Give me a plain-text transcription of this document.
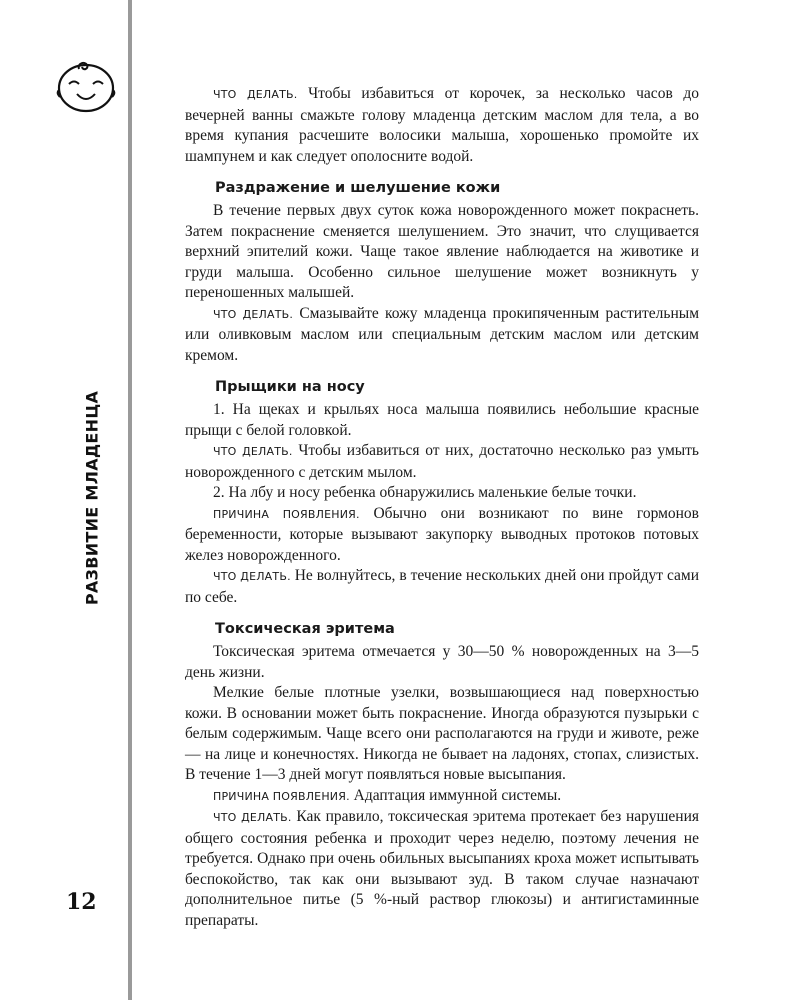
РАЗВИТИЕ МЛАДЕНЦА
12

ЧТО ДЕЛАТЬ. Чтобы избавиться от корочек, за несколько часов до вечерней ванны смажьте голову младенца детским маслом для тела, а во время купания расчешите волосики малыша, хорошенько промойте их шампунем и как следует ополосните водой.

Раздражение и шелушение кожи

В течение первых двух суток кожа новорожденного может покраснеть. Затем покраснение сменяется шелушением. Это значит, что слущивается верхний эпителий кожи. Чаще такое явление наблюдается на животике и груди малыша. Особенно сильное шелушение может возникнуть у переношенных малышей.

ЧТО ДЕЛАТЬ. Смазывайте кожу младенца прокипяченным растительным или оливковым маслом или специальным детским маслом или детским кремом.

Прыщики на носу

1. На щеках и крыльях носа малыша появились небольшие красные прыщи с белой головкой.

ЧТО ДЕЛАТЬ. Чтобы избавиться от них, достаточно несколько раз умыть новорожденного с детским мылом.

2. На лбу и носу ребенка обнаружились маленькие белые точки.

ПРИЧИНА ПОЯВЛЕНИЯ. Обычно они возникают по вине гормонов беременности, которые вызывают закупорку выводных протоков потовых желез новорожденного.

ЧТО ДЕЛАТЬ. Не волнуйтесь, в течение нескольких дней они пройдут сами по себе.

Токсическая эритема

Токсическая эритема отмечается у 30—50 % новорожденных на 3—5 день жизни.

Мелкие белые плотные узелки, возвышающиеся над поверхностью кожи. В основании может быть покраснение. Иногда образуются пузырьки с белым содержимым. Чаще всего они располагаются на груди и животе, реже — на лице и конечностях. Никогда не бывает на ладонях, стопах, слизистых. В течение 1—3 дней могут появляться новые высыпания.

ПРИЧИНА ПОЯВЛЕНИЯ. Адаптация иммунной системы.

ЧТО ДЕЛАТЬ. Как правило, токсическая эритема протекает без нарушения общего состояния ребенка и проходит через неделю, поэтому лечения не требуется. Однако при очень обильных высыпаниях кроха может испытывать беспокойство, так как они вызывают зуд. В таком случае назначают дополнительное питье (5 %-ный раствор глюкозы) и антигистаминные препараты.
